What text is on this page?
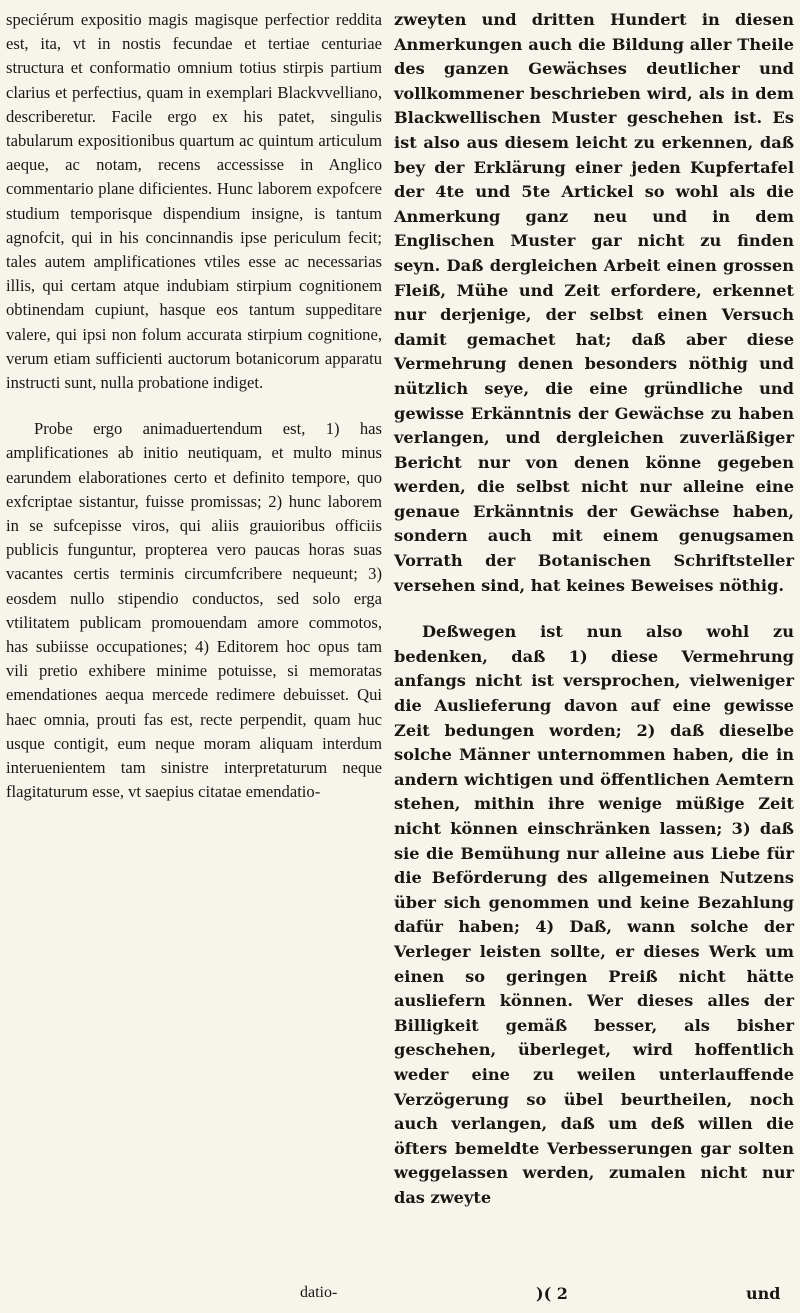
speciérum expositio magis magisque perfectior reddita est, ita, vt in nostis fecundae et tertiae centuriae structura et conformatio omnium totius stirpis partium clarius et perfectius, quam in exemplari Blackvvelliano, describeretur. Facile ergo ex his patet, singulis tabularum expositionibus quartum ac quintum articulum aeque, ac notam, recens accessisse in Anglico commentario plane dificientes. Hunc laborem expofcere studium temporisque dispendium insigne, is tantum agnofcit, qui in his concinnandis ipse periculum fecit; tales autem amplificationes vtiles esse ac necessarias illis, qui certam atque indubiam stirpium cognitionem obtinendam cupiunt, hasque eos tantum suppeditare valere, qui ipsi non folum accurata stirpium cognitione, verum etiam sufficienti auctorum botanicorum apparatu instructi sunt, nulla probatione indiget.

Probe ergo animaduertendum est, 1) has amplificationes ab initio neutiquam, et multo minus earundem elaborationes certo et definito tempore, quo exfcriptae sistantur, fuisse promissas; 2) hunc laborem in se sufcepisse viros, qui aliis grauioribus officiis publicis funguntur, propterea vero paucas horas suas vacantes certis terminis circumfcribere nequeunt; 3) eosdem nullo stipendio conductos, sed solo erga vtilitatem publicam promouendam amore commotos, has subiisse occupationes; 4) Editorem hoc opus tam vili pretio exhibere minime potuisse, si memoratas emendationes aequa mercede redimere debuisset. Qui haec omnia, prouti fas est, recte perpendit, quam huc usque contigit, eum neque moram aliquam interdum interuenientem tam sinistre interpretaturum neque flagitaturum esse, vt saepius citatae emendatio-

zweyten und dritten Hundert in diesen Anmerkungen auch die Bildung aller Theile des ganzen Gewächses deutlicher und vollkommener beschrieben wird, als in dem Blackwellischen Muster geschehen ist. Es ist also aus diesem leicht zu erkennen, daß bey der Erklärung einer jeden Kupfertafel der 4te und 5te Artickel so wohl als die Anmerkung ganz neu und in dem Englischen Muster gar nicht zu finden seyn. Daß dergleichen Arbeit einen grossen Fleiß, Mühe und Zeit erfordere, erkennet nur derjenige, der selbst einen Versuch damit gemachet hat; daß aber diese Vermehrung denen besonders nöthig und nützlich seye, die eine gründliche und gewisse Erkänntnis der Gewächse zu haben verlangen, und dergleichen zuverläßiger Bericht nur von denen könne gegeben werden, die selbst nicht nur alleine eine genaue Erkänntnis der Gewächse haben, sondern auch mit einem genugsamen Vorrath der Botanischen Schriftsteller versehen sind, hat keines Beweises nöthig.

Deßwegen ist nun also wohl zu bedenken, daß 1) diese Vermehrung anfangs nicht ist versprochen, vielweniger die Auslieferung davon auf eine gewisse Zeit bedungen worden; 2) daß dieselbe solche Männer unternommen haben, die in andern wichtigen und öffentlichen Aemtern stehen, mithin ihre wenige müßige Zeit nicht können einschränken lassen; 3) daß sie die Bemühung nur alleine aus Liebe für die Beförderung des allgemeinen Nutzens über sich genommen und keine Bezahlung dafür haben; 4) Daß, wann solche der Verleger leisten sollte, er dieses Werk um einen so geringen Preiß nicht hätte ausliefern können. Wer dieses alles der Billigkeit gemäß besser, als bisher geschehen, überleget, wird hoffentlich weder eine zu weilen unterlauffende Verzögerung so übel beurtheilen, noch auch verlangen, daß um deß willen die öfters bemeldte Verbesserungen gar solten weggelassen werden, zumalen nicht nur das zweyte

datio-	)( 2	und
